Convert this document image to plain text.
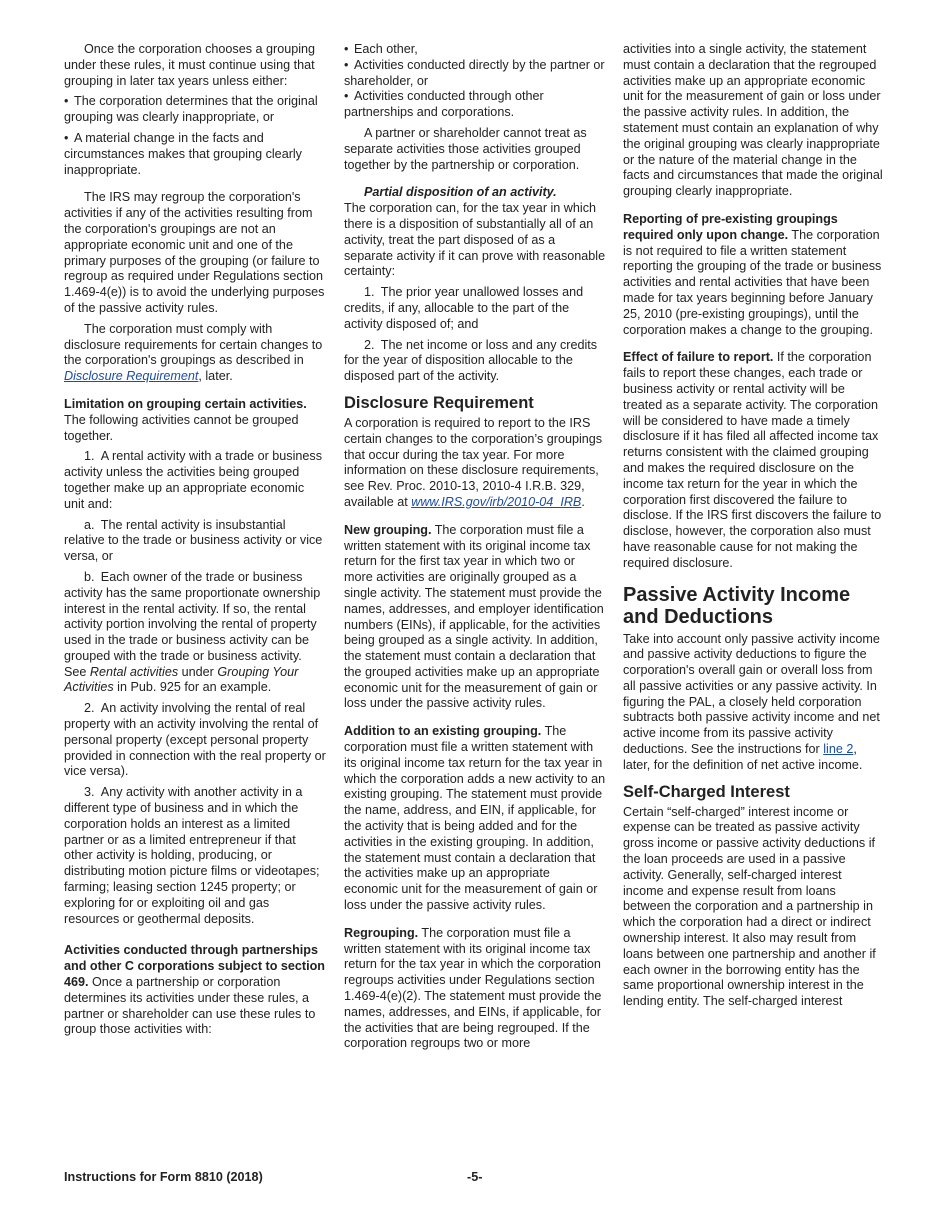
Once the corporation chooses a grouping under these rules, it must continue using that grouping in later tax years unless either:

• The corporation determines that the original grouping was clearly inappropriate, or

• A material change in the facts and circumstances makes that grouping clearly inappropriate.

The IRS may regroup the corporation's activities if any of the activities resulting from the corporation's groupings are not an appropriate economic unit and one of the primary purposes of the grouping (or failure to regroup as required under Regulations section 1.469-4(e)) is to avoid the underlying purposes of the passive activity rules.

The corporation must comply with disclosure requirements for certain changes to the corporation's groupings as described in Disclosure Requirement, later.

Limitation on grouping certain activities. The following activities cannot be grouped together.

1. A rental activity with a trade or business activity unless the activities being grouped together make up an appropriate economic unit and:

a. The rental activity is insubstantial relative to the trade or business activity or vice versa, or

b. Each owner of the trade or business activity has the same proportionate ownership interest in the rental activity. If so, the rental activity portion involving the rental of property used in the trade or business activity can be grouped with the trade or business activity. See Rental activities under Grouping Your Activities in Pub. 925 for an example.

2. An activity involving the rental of real property with an activity involving the rental of personal property (except personal property provided in connection with the real property or vice versa).

3. Any activity with another activity in a different type of business and in which the corporation holds an interest as a limited partner or as a limited entrepreneur if that other activity is holding, producing, or distributing motion picture films or videotapes; farming; leasing section 1245 property; or exploring for or exploiting oil and gas resources or geothermal deposits.

Activities conducted through partnerships and other C corporations subject to section 469. Once a partnership or corporation determines its activities under these rules, a partner or shareholder can use these rules to group those activities with:

• Each other,

• Activities conducted directly by the partner or shareholder, or

• Activities conducted through other partnerships and corporations.

A partner or shareholder cannot treat as separate activities those activities grouped together by the partnership or corporation.

Partial disposition of an activity.

The corporation can, for the tax year in which there is a disposition of substantially all of an activity, treat the part disposed of as a separate activity if it can prove with reasonable certainty:

1. The prior year unallowed losses and credits, if any, allocable to the part of the activity disposed of; and

2. The net income or loss and any credits for the year of disposition allocable to the disposed part of the activity.

Disclosure Requirement

A corporation is required to report to the IRS certain changes to the corporation’s groupings that occur during the tax year. For more information on these disclosure requirements, see Rev. Proc. 2010-13, 2010-4 I.R.B. 329, available at www.IRS.gov/irb/2010-04_IRB.

New grouping. The corporation must file a written statement with its original income tax return for the first tax year in which two or more activities are originally grouped as a single activity. The statement must provide the names, addresses, and employer identification numbers (EINs), if applicable, for the activities being grouped as a single activity. In addition, the statement must contain a declaration that the grouped activities make up an appropriate economic unit for the measurement of gain or loss under the passive activity rules.

Addition to an existing grouping. The corporation must file a written statement with its original income tax return for the tax year in which the corporation adds a new activity to an existing grouping. The statement must provide the name, address, and EIN, if applicable, for the activity that is being added and for the activities in the existing grouping. In addition, the statement must contain a declaration that the activities make up an appropriate economic unit for the measurement of gain or loss under the passive activity rules.

Regrouping. The corporation must file a written statement with its original income tax return for the tax year in which the corporation regroups activities under Regulations section 1.469-4(e)(2). The statement must provide the names, addresses, and EINs, if applicable, for the activities that are being regrouped. If the corporation regroups two or more

activities into a single activity, the statement must contain a declaration that the regrouped activities make up an appropriate economic unit for the measurement of gain or loss under the passive activity rules. In addition, the statement must contain an explanation of why the original grouping was clearly inappropriate or the nature of the material change in the facts and circumstances that made the original grouping clearly inappropriate.

Reporting of pre-existing groupings required only upon change. The corporation is not required to file a written statement reporting the grouping of the trade or business activities and rental activities that have been made for tax years beginning before January 25, 2010 (pre-existing groupings), until the corporation makes a change to the grouping.

Effect of failure to report. If the corporation fails to report these changes, each trade or business activity or rental activity will be treated as a separate activity. The corporation will be considered to have made a timely disclosure if it has filed all affected income tax returns consistent with the claimed grouping and makes the required disclosure on the income tax return for the year in which the corporation first discovered the failure to disclose. If the IRS first discovers the failure to disclose, however, the corporation also must have reasonable cause for not making the required disclosure.

Passive Activity Income and Deductions

Take into account only passive activity income and passive activity deductions to figure the corporation's overall gain or overall loss from all passive activities or any passive activity. In figuring the PAL, a closely held corporation subtracts both passive activity income and net active income from its passive activity deductions. See the instructions for line 2, later, for the definition of net active income.

Self-Charged Interest

Certain “self-charged” interest income or expense can be treated as passive activity gross income or passive activity deductions if the loan proceeds are used in a passive activity. Generally, self-charged interest income and expense result from loans between the corporation and a partnership in which the corporation had a direct or indirect ownership interest. It also may result from loans between one partnership and another if each owner in the borrowing entity has the same proportional ownership interest in the lending entity. The self-charged interest

Instructions for Form 8810 (2018)	-5-
